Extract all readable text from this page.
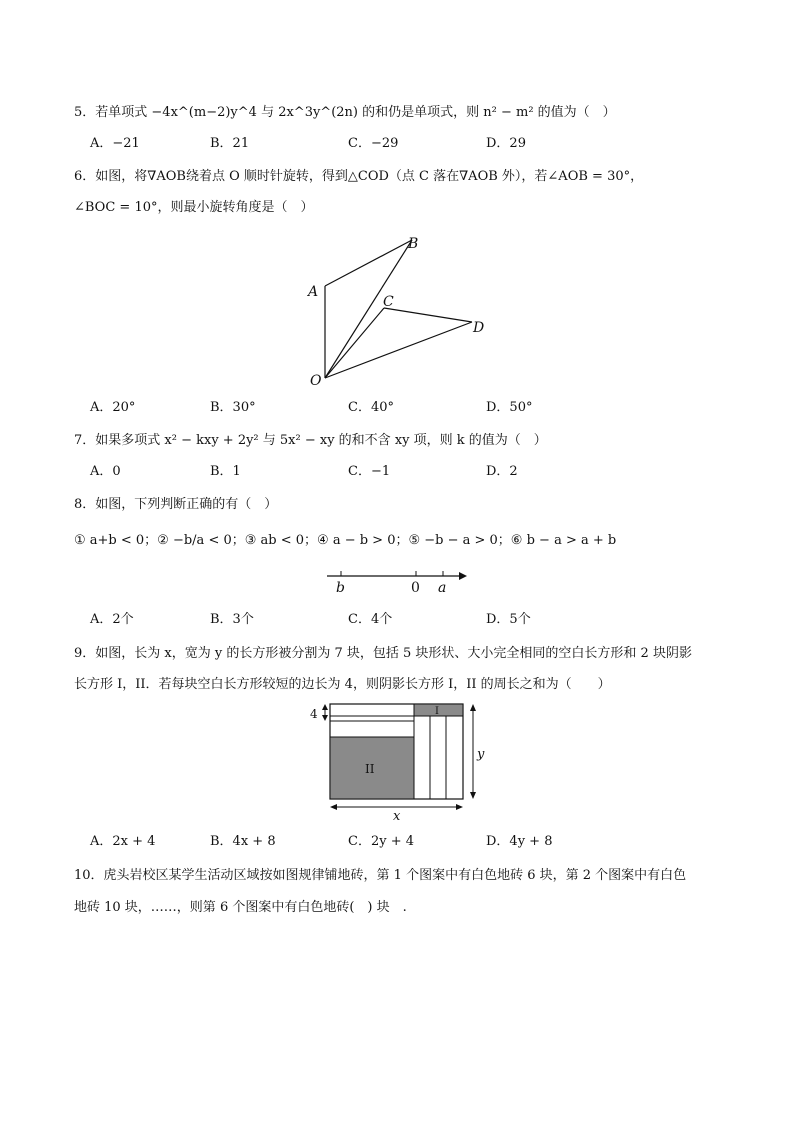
5．若单项式 −4x^(m−2)y^4 与 2x^3y^(2n) 的和仍是单项式，则 n² − m² 的值为（　）
A．−21	B．21	C．−29	D．29
6．如图，将∇AOB绕着点 O 顺时针旋转，得到△COD（点 C 落在∇AOB 外），若∠AOB = 30°，
∠BOC = 10°，则最小旋转角度是（　）
A
B
C
D
O
A．20°	B．30°	C．40°	D．50°
7．如果多项式 x² − kxy + 2y² 与 5x² − xy 的和不含 xy 项，则 k 的值为（　）
A．0	B．1	C．−1	D．2
8．如图，下列判断正确的有（　）
① a+b < 0；② −b/a < 0；③ ab < 0；④ a − b > 0；⑤ −b − a > 0；⑥ b − a > a + b
b	0 a
A．2个	B．3个	C．4个	D．5个
9．如图，长为 x，宽为 y 的长方形被分割为 7 块，包括 5 块形状、大小完全相同的空白长方形和 2 块阴影
长方形 I，II．若每块空白长方形较短的边长为 4，则阴影长方形 I，II 的周长之和为（　　）
4	I
II
y
x
A．2x + 4	B．4x + 8	C．2y + 4	D．4y + 8
10．虎头岩校区某学生活动区域按如图规律铺地砖，第 1 个图案中有白色地砖 6 块，第 2 个图案中有白色
地砖 10 块，……，则第 6 个图案中有白色地砖(　) 块　.
